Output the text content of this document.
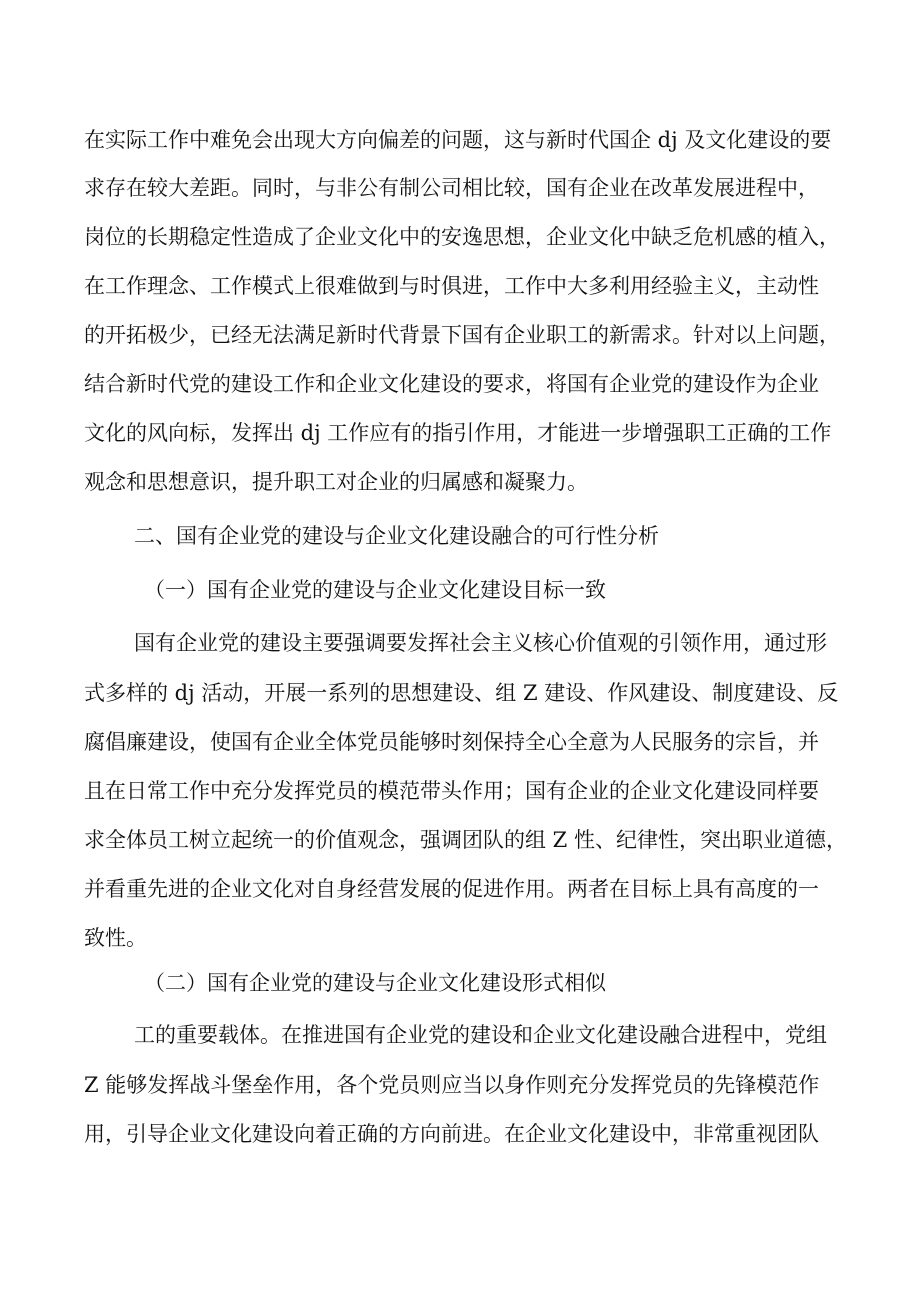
在实际工作中难免会出现大方向偏差的问题，这与新时代国企 dj 及文化建设的要
求存在较大差距。同时，与非公有制公司相比较，国有企业在改革发展进程中，
岗位的长期稳定性造成了企业文化中的安逸思想，企业文化中缺乏危机感的植入，
在工作理念、工作模式上很难做到与时俱进，工作中大多利用经验主义，主动性
的开拓极少，已经无法满足新时代背景下国有企业职工的新需求。针对以上问题，
结合新时代党的建设工作和企业文化建设的要求，将国有企业党的建设作为企业
文化的风向标，发挥出 dj 工作应有的指引作用，才能进一步增强职工正确的工作
观念和思想意识，提升职工对企业的归属感和凝聚力。
二、国有企业党的建设与企业文化建设融合的可行性分析
（一）国有企业党的建设与企业文化建设目标一致
国有企业党的建设主要强调要发挥社会主义核心价值观的引领作用，通过形
式多样的 dj 活动，开展一系列的思想建设、组 Z 建设、作风建设、制度建设、反
腐倡廉建设，使国有企业全体党员能够时刻保持全心全意为人民服务的宗旨，并
且在日常工作中充分发挥党员的模范带头作用；国有企业的企业文化建设同样要
求全体员工树立起统一的价值观念，强调团队的组 Z 性、纪律性，突出职业道德，
并看重先进的企业文化对自身经营发展的促进作用。两者在目标上具有高度的一
致性。
（二）国有企业党的建设与企业文化建设形式相似
工的重要载体。在推进国有企业党的建设和企业文化建设融合进程中，党组
Z 能够发挥战斗堡垒作用，各个党员则应当以身作则充分发挥党员的先锋模范作
用，引导企业文化建设向着正确的方向前进。在企业文化建设中，非常重视团队
